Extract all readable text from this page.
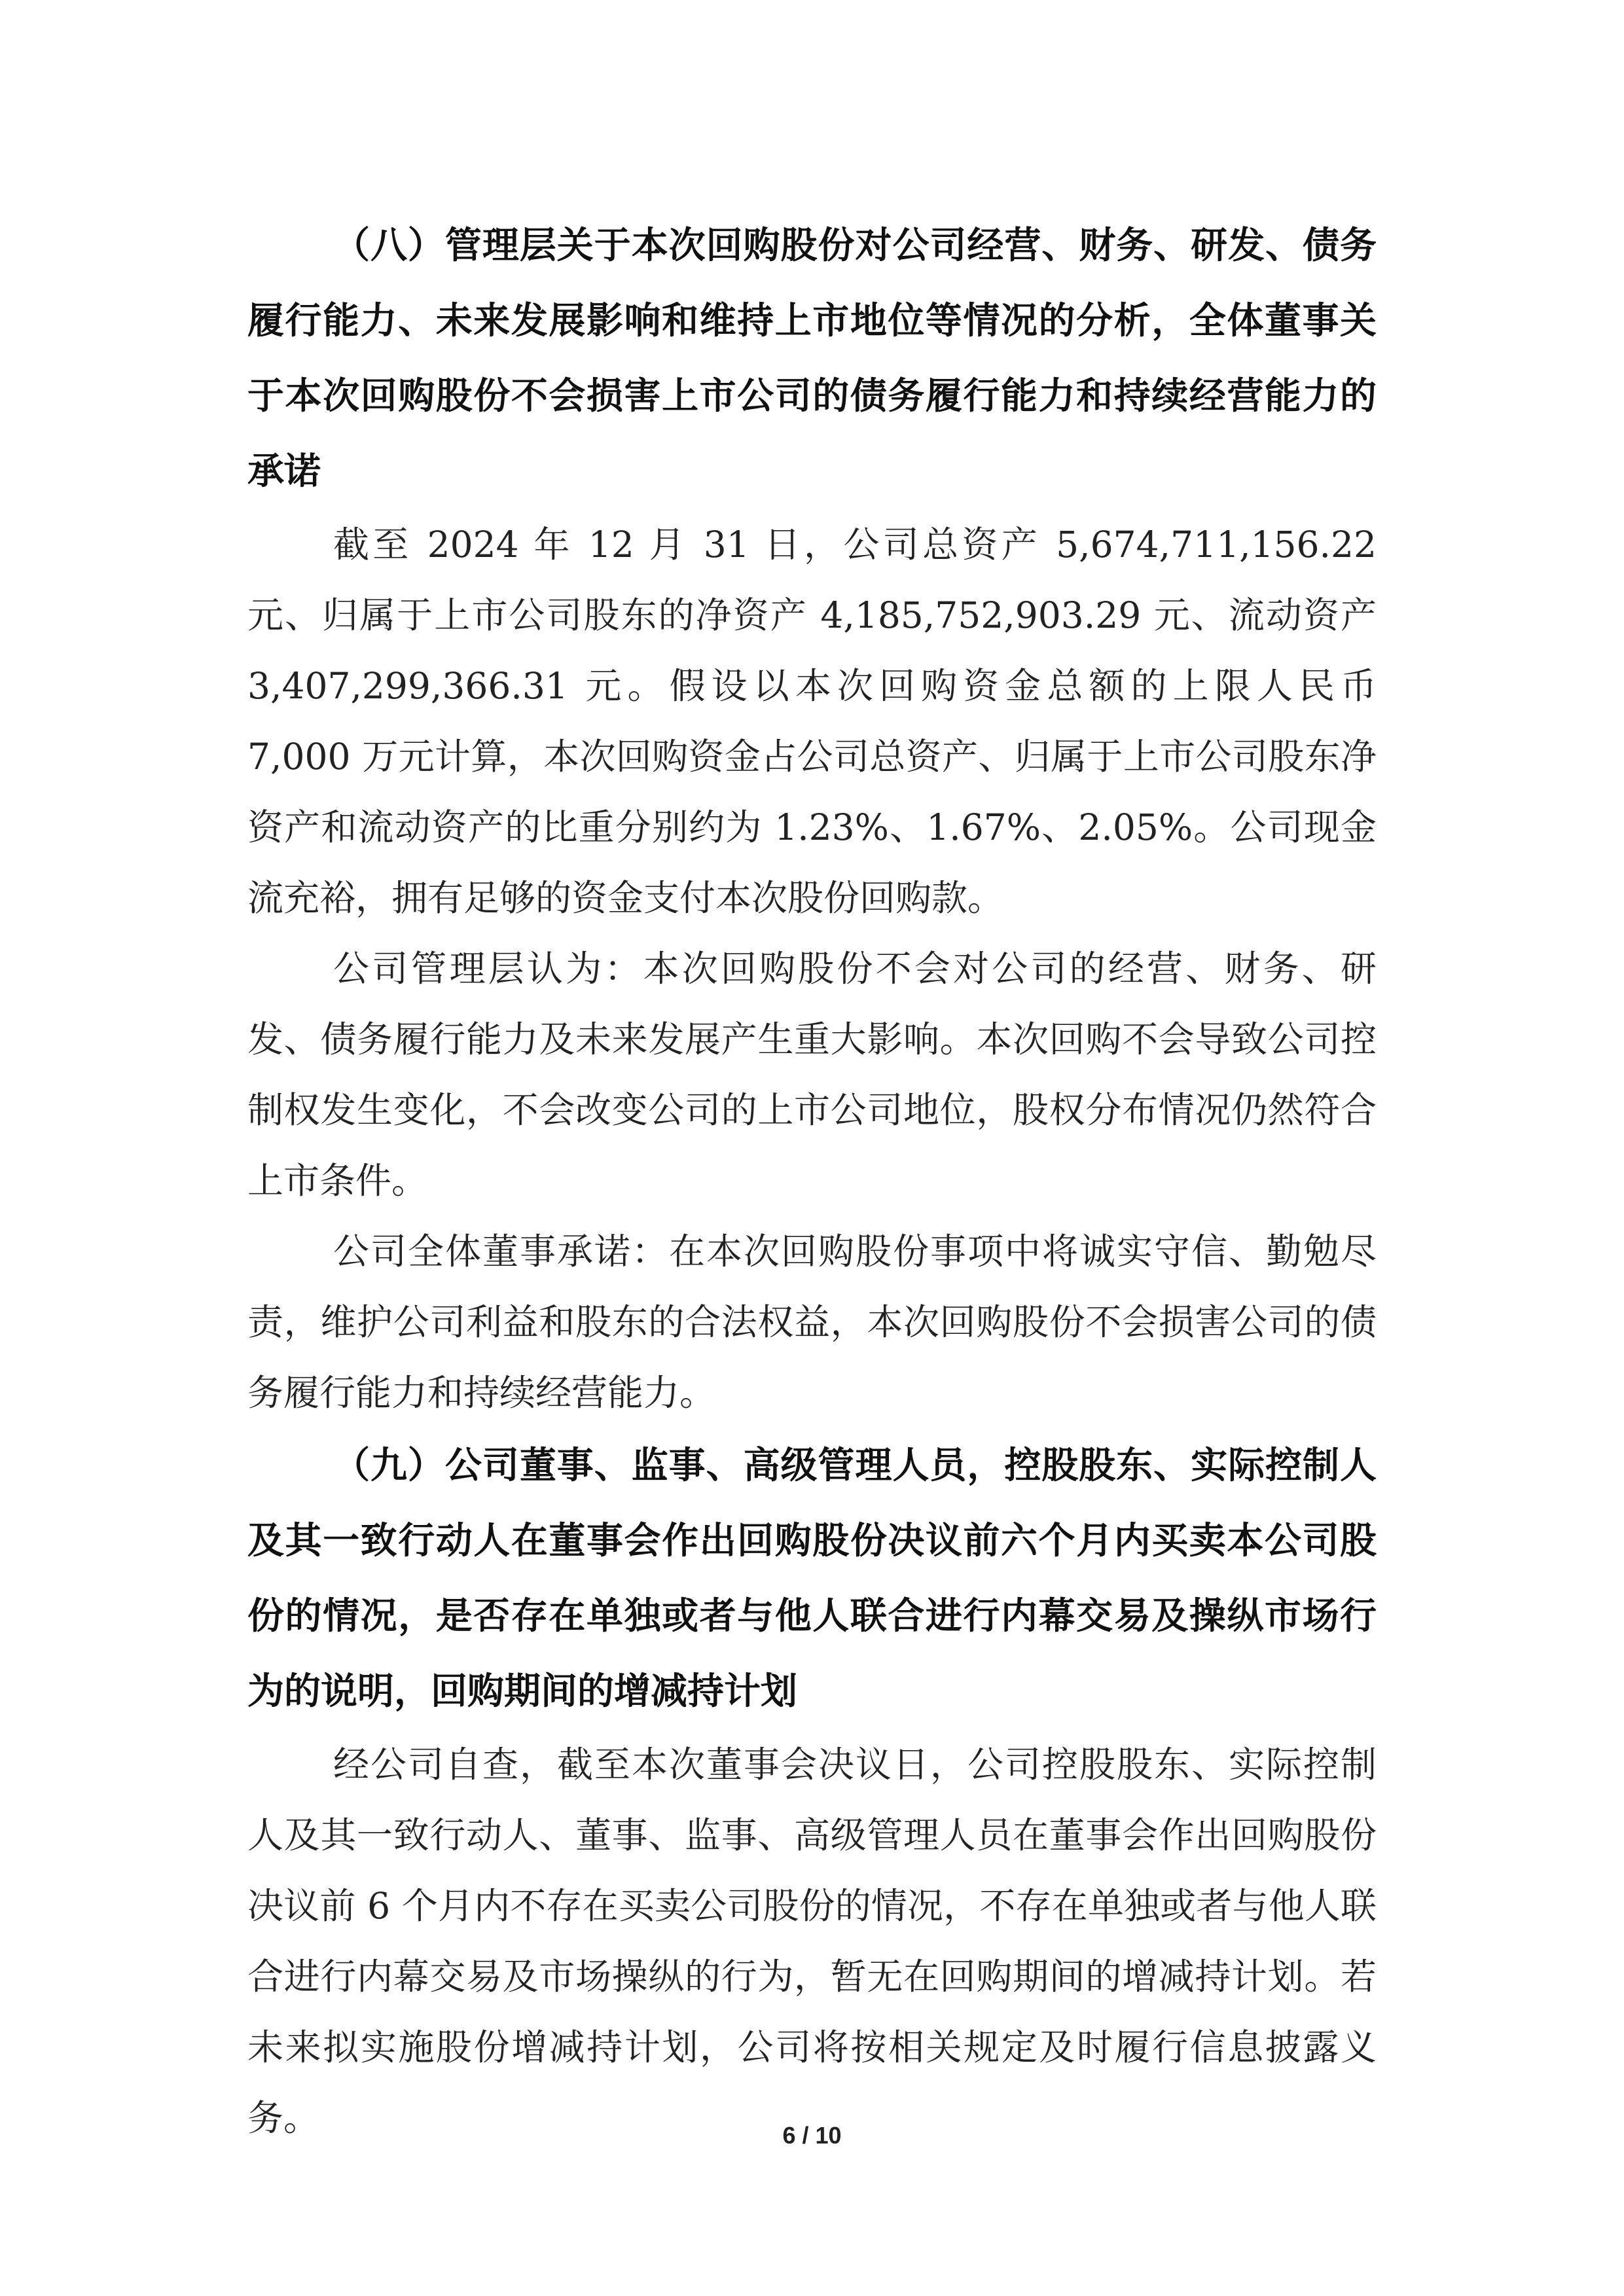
（八）管理层关于本次回购股份对公司经营、财务、研发、债务履行能力、未来发展影响和维持上市地位等情况的分析，全体董事关于本次回购股份不会损害上市公司的债务履行能力和持续经营能力的承诺

截至 2024 年 12 月 31 日，公司总资产 5,674,711,156.22 元、归属于上市公司股东的净资产 4,185,752,903.29 元、流动资产 3,407,299,366.31 元。假设以本次回购资金总额的上限人民币 7,000 万元计算，本次回购资金占公司总资产、归属于上市公司股东净资产和流动资产的比重分别约为 1.23%、1.67%、2.05%。公司现金流充裕，拥有足够的资金支付本次股份回购款。

公司管理层认为：本次回购股份不会对公司的经营、财务、研发、债务履行能力及未来发展产生重大影响。本次回购不会导致公司控制权发生变化，不会改变公司的上市公司地位，股权分布情况仍然符合上市条件。

公司全体董事承诺：在本次回购股份事项中将诚实守信、勤勉尽责，维护公司利益和股东的合法权益，本次回购股份不会损害公司的债务履行能力和持续经营能力。

（九）公司董事、监事、高级管理人员，控股股东、实际控制人及其一致行动人在董事会作出回购股份决议前六个月内买卖本公司股份的情况，是否存在单独或者与他人联合进行内幕交易及操纵市场行为的说明，回购期间的增减持计划

经公司自查，截至本次董事会决议日，公司控股股东、实际控制人及其一致行动人、董事、监事、高级管理人员在董事会作出回购股份决议前 6 个月内不存在买卖公司股份的情况，不存在单独或者与他人联合进行内幕交易及市场操纵的行为，暂无在回购期间的增减持计划。若未来拟实施股份增减持计划，公司将按相关规定及时履行信息披露义务。	6 / 10
